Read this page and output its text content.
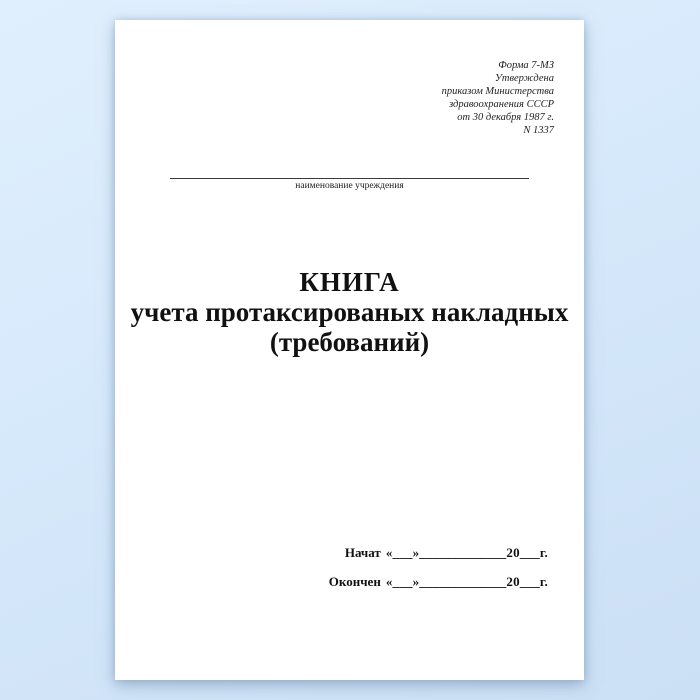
Форма 7-МЗ
Утверждена
приказом Министерства
здравоохранения СССР
от 30 декабря 1987 г.
N 1337
наименование учреждения
КНИГА
учета протаксированых накладных
(требований)
Начат «___»_____________20___г.
Окончен «___»_____________20___г.
